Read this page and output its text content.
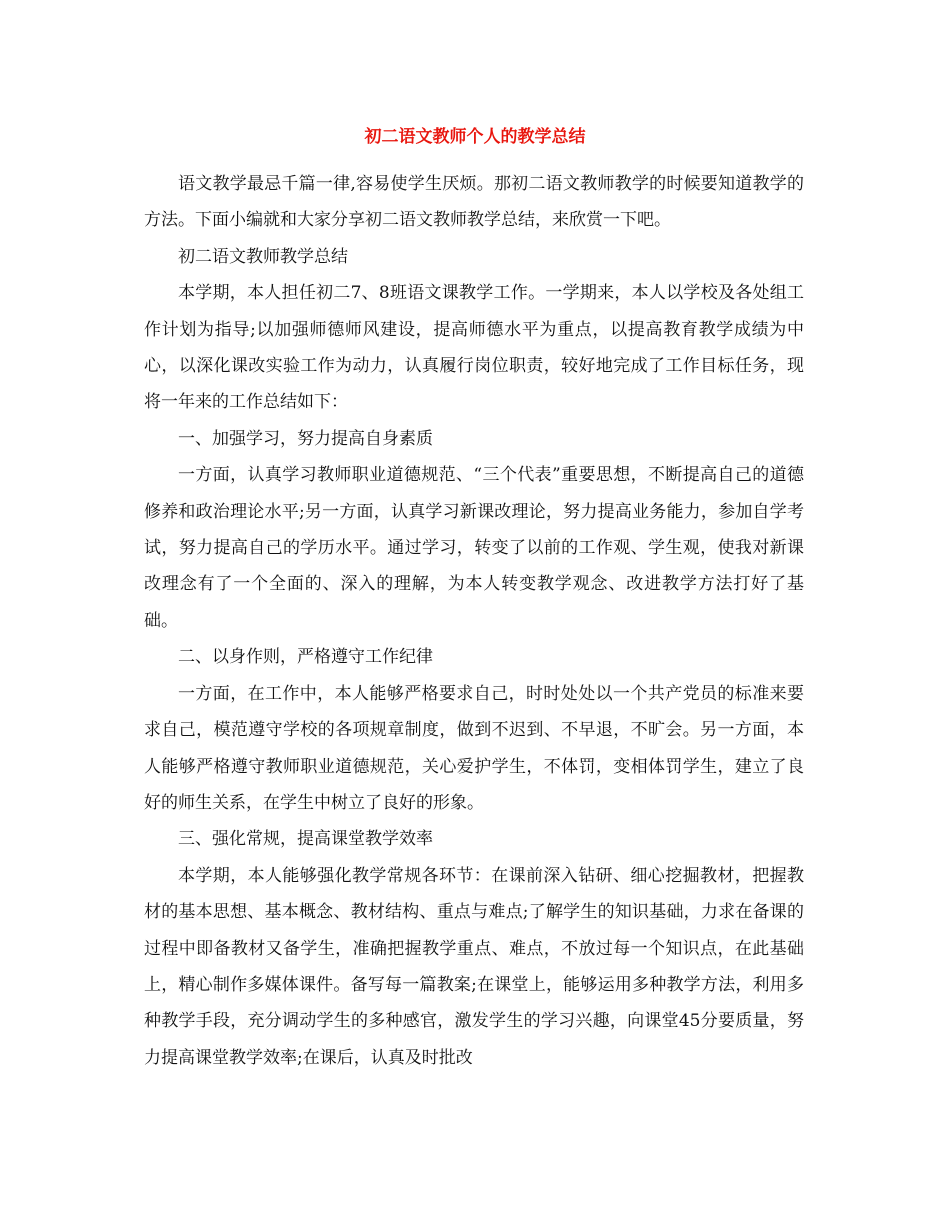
初二语文教师个人的教学总结

语文教学最忌千篇一律,容易使学生厌烦。那初二语文教师教学的时候要知道教学的方法。下面小编就和大家分享初二语文教师教学总结，来欣赏一下吧。

初二语文教师教学总结

本学期，本人担任初二7、8班语文课教学工作。一学期来，本人以学校及各处组工作计划为指导;以加强师德师风建设，提高师德水平为重点，以提高教育教学成绩为中心，以深化课改实验工作为动力，认真履行岗位职责，较好地完成了工作目标任务，现将一年来的工作总结如下：

一、加强学习，努力提高自身素质

一方面，认真学习教师职业道德规范、“三个代表”重要思想，不断提高自己的道德修养和政治理论水平;另一方面，认真学习新课改理论，努力提高业务能力，参加自学考试，努力提高自己的学历水平。通过学习，转变了以前的工作观、学生观，使我对新课改理念有了一个全面的、深入的理解，为本人转变教学观念、改进教学方法打好了基础。

二、以身作则，严格遵守工作纪律

一方面，在工作中，本人能够严格要求自己，时时处处以一个共产党员的标准来要求自己，模范遵守学校的各项规章制度，做到不迟到、不早退，不旷会。另一方面，本人能够严格遵守教师职业道德规范，关心爱护学生，不体罚，变相体罚学生，建立了良好的师生关系，在学生中树立了良好的形象。

三、强化常规，提高课堂教学效率

本学期，本人能够强化教学常规各环节：在课前深入钻研、细心挖掘教材，把握教材的基本思想、基本概念、教材结构、重点与难点;了解学生的知识基础，力求在备课的过程中即备教材又备学生，准确把握教学重点、难点，不放过每一个知识点，在此基础上，精心制作多媒体课件。备写每一篇教案;在课堂上，能够运用多种教学方法，利用多种教学手段，充分调动学生的多种感官，激发学生的学习兴趣，向课堂45分要质量，努力提高课堂教学效率;在课后，认真及时批改
